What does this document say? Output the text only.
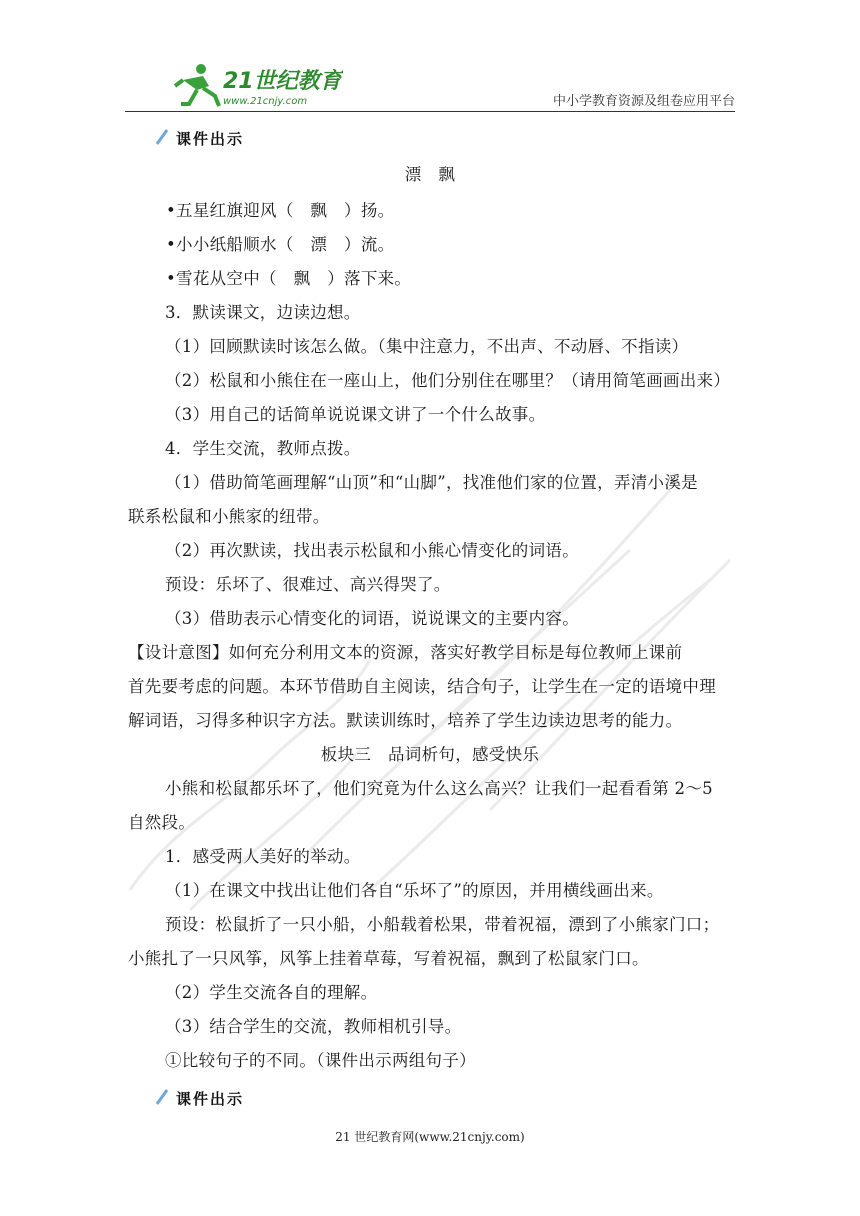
21世纪教育
www.21cnjy.com	中小学教育资源及组卷应用平台
课件出示
漂　飘
•五星红旗迎风（　飘　）扬。
•小小纸船顺水（　漂　）流。
•雪花从空中（　飘　）落下来。
3．默读课文，边读边想。
（1）回顾默读时该怎么做。（集中注意力，不出声、不动唇、不指读）
（2）松鼠和小熊住在一座山上，他们分别住在哪里？（请用简笔画画出来）
（3）用自己的话简单说说课文讲了一个什么故事。
4．学生交流，教师点拨。
（1）借助简笔画理解“山顶”和“山脚”，找准他们家的位置，弄清小溪是
联系松鼠和小熊家的纽带。
（2）再次默读，找出表示松鼠和小熊心情变化的词语。
预设：乐坏了、很难过、高兴得哭了。
（3）借助表示心情变化的词语，说说课文的主要内容。
【设计意图】如何充分利用文本的资源，落实好教学目标是每位教师上课前
首先要考虑的问题。本环节借助自主阅读，结合句子，让学生在一定的语境中理
解词语，习得多种识字方法。默读训练时，培养了学生边读边思考的能力。
板块三　品词析句，感受快乐
小熊和松鼠都乐坏了，他们究竟为什么这么高兴？让我们一起看看第 2～5
自然段。
1．感受两人美好的举动。
（1）在课文中找出让他们各自“乐坏了”的原因，并用横线画出来。
预设：松鼠折了一只小船，小船载着松果，带着祝福，漂到了小熊家门口；
小熊扎了一只风筝，风筝上挂着草莓，写着祝福，飘到了松鼠家门口。
（2）学生交流各自的理解。
（3）结合学生的交流，教师相机引导。
①比较句子的不同。（课件出示两组句子）
课件出示
21 世纪教育网(www.21cnjy.com)
